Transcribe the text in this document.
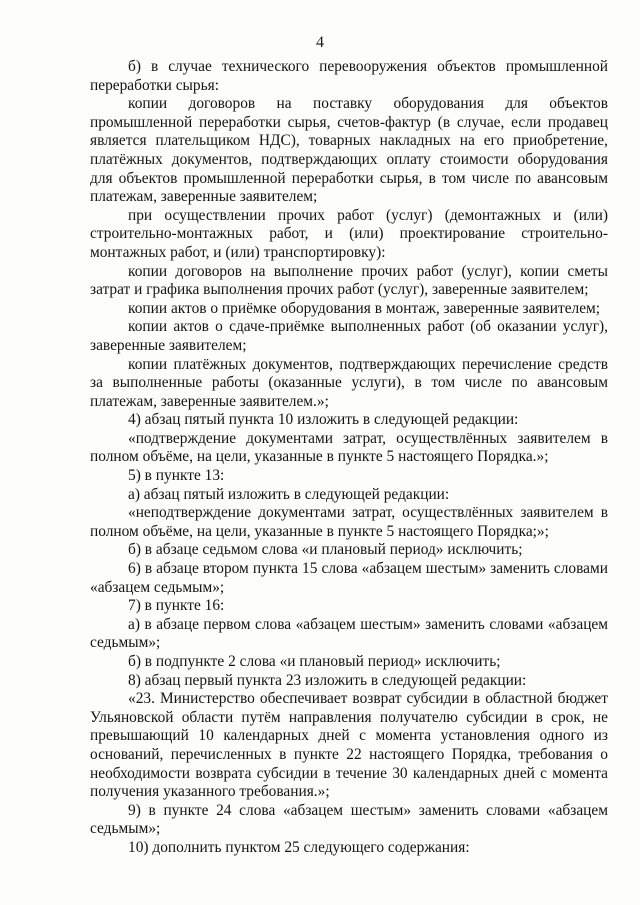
4

б) в случае технического перевооружения объектов промышленной переработки сырья:

копии договоров на поставку оборудования для объектов промышленной переработки сырья, счетов-фактур (в случае, если продавец является плательщиком НДС), товарных накладных на его приобретение, платёжных документов, подтверждающих оплату стоимости оборудования для объектов промышленной переработки сырья, в том числе по авансовым платежам, заверенные заявителем;

при осуществлении прочих работ (услуг) (демонтажных и (или) строительно-монтажных работ, и (или) проектирование строительно-монтажных работ, и (или) транспортировку):

копии договоров на выполнение прочих работ (услуг), копии сметы затрат и графика выполнения прочих работ (услуг), заверенные заявителем;

копии актов о приёмке оборудования в монтаж, заверенные заявителем;

копии актов о сдаче-приёмке выполненных работ (об оказании услуг), заверенные заявителем;

копии платёжных документов, подтверждающих перечисление средств за выполненные работы (оказанные услуги), в том числе по авансовым платежам, заверенные заявителем.»;

4) абзац пятый пункта 10 изложить в следующей редакции:

«подтверждение документами затрат, осуществлённых заявителем в полном объёме, на цели, указанные в пункте 5 настоящего Порядка.»;

5) в пункте 13:

а) абзац пятый изложить в следующей редакции:

«неподтверждение документами затрат, осуществлённых заявителем в полном объёме, на цели, указанные в пункте 5 настоящего Порядка;»;

б) в абзаце седьмом слова «и плановый период» исключить;

6) в абзаце втором пункта 15 слова «абзацем шестым» заменить словами «абзацем седьмым»;

7) в пункте 16:

а) в абзаце первом слова «абзацем шестым» заменить словами «абзацем седьмым»;

б) в подпункте 2 слова «и плановый период» исключить;

8) абзац первый пункта 23 изложить в следующей редакции:

«23. Министерство обеспечивает возврат субсидии в областной бюджет Ульяновской области путём направления получателю субсидии в срок, не превышающий 10 календарных дней с момента установления одного из оснований, перечисленных в пункте 22 настоящего Порядка, требования о необходимости возврата субсидии в течение 30 календарных дней с момента получения указанного требования.»;

9) в пункте 24 слова «абзацем шестым» заменить словами «абзацем седьмым»;

10) дополнить пунктом 25 следующего содержания:
